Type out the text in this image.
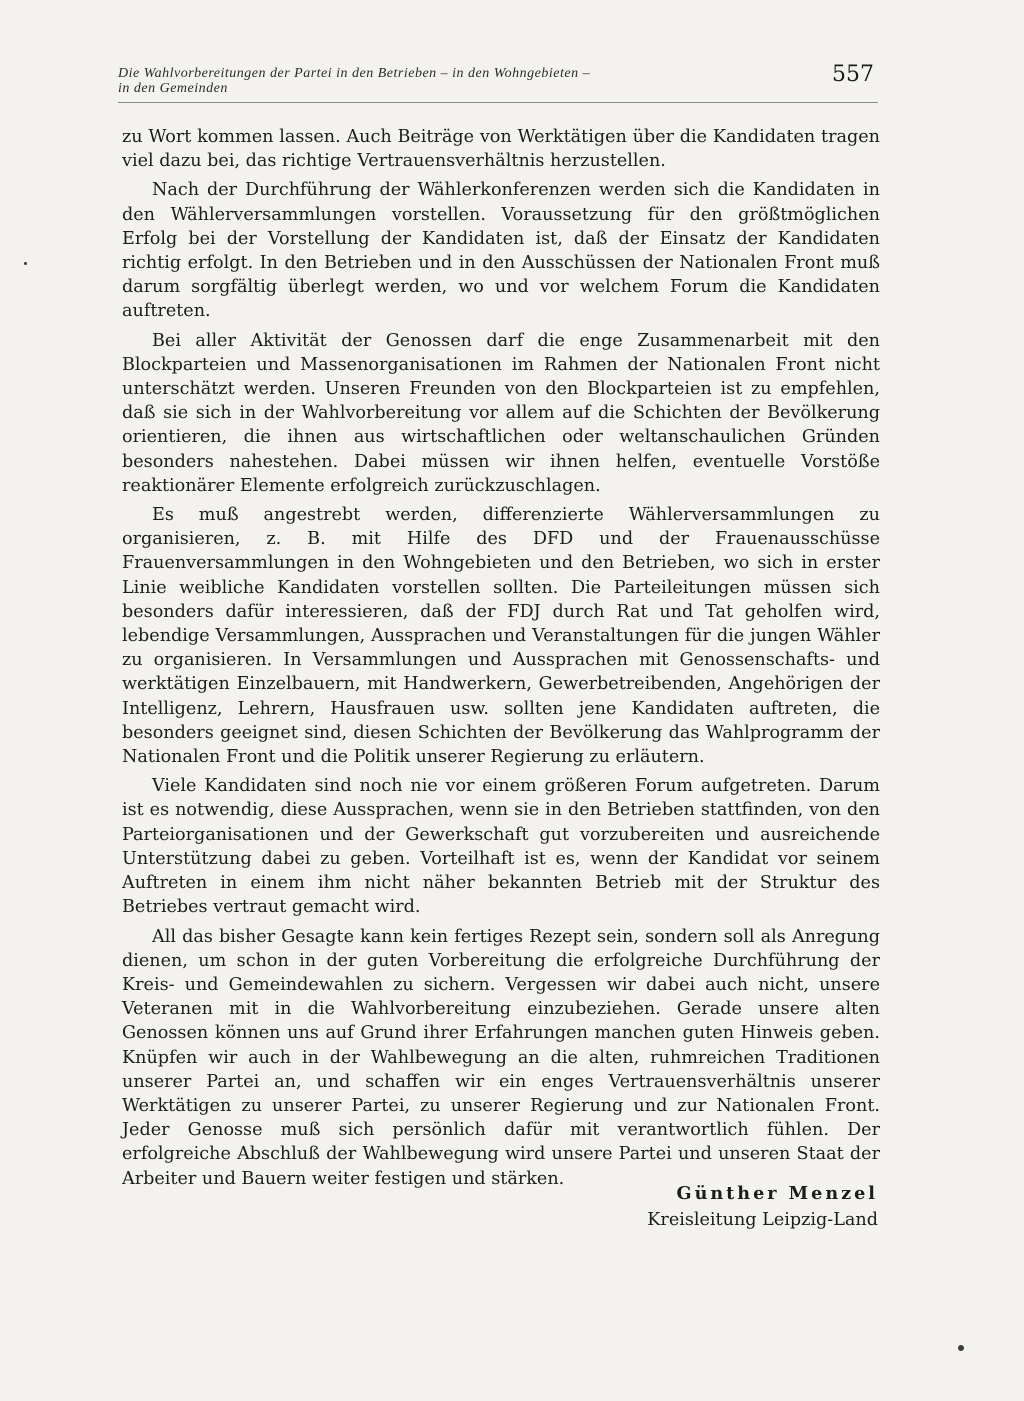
Die Wahlvorbereitungen der Partei in den Betrieben – in den Wohngebieten –
in den Gemeinden
557

zu Wort kommen lassen. Auch Beiträge von Werktätigen über die Kandidaten tragen viel dazu bei, das richtige Vertrauensverhältnis herzustellen.

Nach der Durchführung der Wählerkonferenzen werden sich die Kandidaten in den Wählerversammlungen vorstellen. Voraussetzung für den größtmöglichen Erfolg bei der Vorstellung der Kandidaten ist, daß der Einsatz der Kandidaten richtig erfolgt. In den Betrieben und in den Ausschüssen der Nationalen Front muß darum sorgfältig überlegt werden, wo und vor welchem Forum die Kandidaten auftreten.

Bei aller Aktivität der Genossen darf die enge Zusammenarbeit mit den Blockparteien und Massenorganisationen im Rahmen der Nationalen Front nicht unterschätzt werden. Unseren Freunden von den Blockparteien ist zu empfehlen, daß sie sich in der Wahlvorbereitung vor allem auf die Schichten der Bevölkerung orientieren, die ihnen aus wirtschaftlichen oder weltanschaulichen Gründen besonders nahestehen. Dabei müssen wir ihnen helfen, eventuelle Vorstöße reaktionärer Elemente erfolgreich zurückzuschlagen.

Es muß angestrebt werden, differenzierte Wählerversammlungen zu organisieren, z. B. mit Hilfe des DFD und der Frauenausschüsse Frauenversammlungen in den Wohngebieten und den Betrieben, wo sich in erster Linie weibliche Kandidaten vorstellen sollten. Die Parteileitungen müssen sich besonders dafür interessieren, daß der FDJ durch Rat und Tat geholfen wird, lebendige Versammlungen, Aussprachen und Veranstaltungen für die jungen Wähler zu organisieren. In Versammlungen und Aussprachen mit Genossenschafts- und werktätigen Einzelbauern, mit Handwerkern, Gewerbetreibenden, Angehörigen der Intelligenz, Lehrern, Hausfrauen usw. sollten jene Kandidaten auftreten, die besonders geeignet sind, diesen Schichten der Bevölkerung das Wahlprogramm der Nationalen Front und die Politik unserer Regierung zu erläutern.

Viele Kandidaten sind noch nie vor einem größeren Forum aufgetreten. Darum ist es notwendig, diese Aussprachen, wenn sie in den Betrieben stattfinden, von den Parteiorganisationen und der Gewerkschaft gut vorzubereiten und ausreichende Unterstützung dabei zu geben. Vorteilhaft ist es, wenn der Kandidat vor seinem Auftreten in einem ihm nicht näher bekannten Betrieb mit der Struktur des Betriebes vertraut gemacht wird.

All das bisher Gesagte kann kein fertiges Rezept sein, sondern soll als Anregung dienen, um schon in der guten Vorbereitung die erfolgreiche Durchführung der Kreis- und Gemeindewahlen zu sichern. Vergessen wir dabei auch nicht, unsere Veteranen mit in die Wahlvorbereitung einzubeziehen. Gerade unsere alten Genossen können uns auf Grund ihrer Erfahrungen manchen guten Hinweis geben. Knüpfen wir auch in der Wahlbewegung an die alten, ruhmreichen Traditionen unserer Partei an, und schaffen wir ein enges Vertrauensverhältnis unserer Werktätigen zu unserer Partei, zu unserer Regierung und zur Nationalen Front. Jeder Genosse muß sich persönlich dafür mit verantwortlich fühlen. Der erfolgreiche Abschluß der Wahlbewegung wird unsere Partei und unseren Staat der Arbeiter und Bauern weiter festigen und stärken.

Günther Menzel
Kreisleitung Leipzig-Land
